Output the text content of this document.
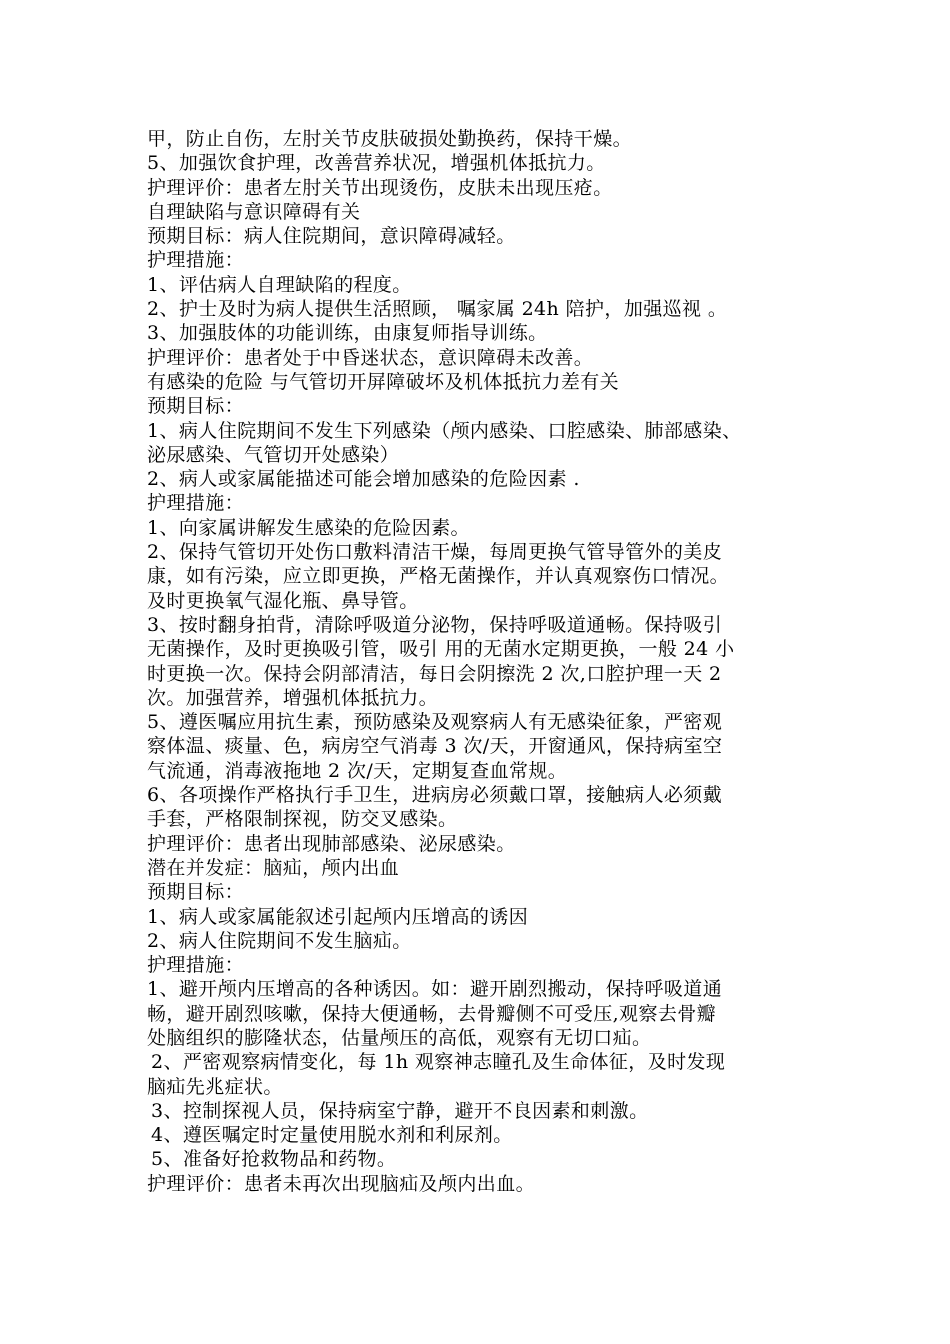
甲，防止自伤，左肘关节皮肤破损处勤换药，保持干燥。
5、加强饮食护理，改善营养状况，增强机体抵抗力。
护理评价：患者左肘关节出现烫伤，皮肤未出现压疮。
自理缺陷与意识障碍有关
预期目标：病人住院期间，意识障碍减轻。
护理措施：
1、评估病人自理缺陷的程度。
2、护士及时为病人提供生活照顾， 嘱家属 24h 陪护，加强巡视 。
3、加强肢体的功能训练，由康复师指导训练。
护理评价：患者处于中昏迷状态，意识障碍未改善。
有感染的危险 与气管切开屏障破坏及机体抵抗力差有关
预期目标：
1、病人住院期间不发生下列感染（颅内感染、口腔感染、肺部感染、
泌尿感染、气管切开处感染）
2、病人或家属能描述可能会增加感染的危险因素 .
护理措施：
1、向家属讲解发生感染的危险因素。
2、保持气管切开处伤口敷料清洁干燥，每周更换气管导管外的美皮
康，如有污染，应立即更换，严格无菌操作，并认真观察伤口情况。
及时更换氧气湿化瓶、鼻导管。
3、按时翻身拍背，清除呼吸道分泌物，保持呼吸道通畅。保持吸引
无菌操作，及时更换吸引管，吸引 用的无菌水定期更换，一般 24 小
时更换一次。保持会阴部清洁，每日会阴擦洗 2 次,口腔护理一天 2
次。加强营养，增强机体抵抗力。
5、遵医嘱应用抗生素，预防感染及观察病人有无感染征象，严密观
察体温、痰量、色，病房空气消毒 3 次/天，开窗通风，保持病室空
气流通，消毒液拖地 2 次/天，定期复查血常规。
6、各项操作严格执行手卫生，进病房必须戴口罩，接触病人必须戴
手套，严格限制探视，防交叉感染。
护理评价：患者出现肺部感染、泌尿感染。
潜在并发症：脑疝，颅内出血
预期目标：
1、病人或家属能叙述引起颅内压增高的诱因
2、病人住院期间不发生脑疝。
护理措施：
1、避开颅内压增高的各种诱因。如：避开剧烈搬动，保持呼吸道通
畅，避开剧烈咳嗽，保持大便通畅，去骨瓣侧不可受压,观察去骨瓣
处脑组织的膨隆状态，估量颅压的高低，观察有无切口疝。
2、严密观察病情变化，每 1h 观察神志瞳孔及生命体征，及时发现
脑疝先兆症状。
3、控制探视人员，保持病室宁静，避开不良因素和刺激。
4、遵医嘱定时定量使用脱水剂和利尿剂。
5、准备好抢救物品和药物。
护理评价：患者未再次出现脑疝及颅内出血。
